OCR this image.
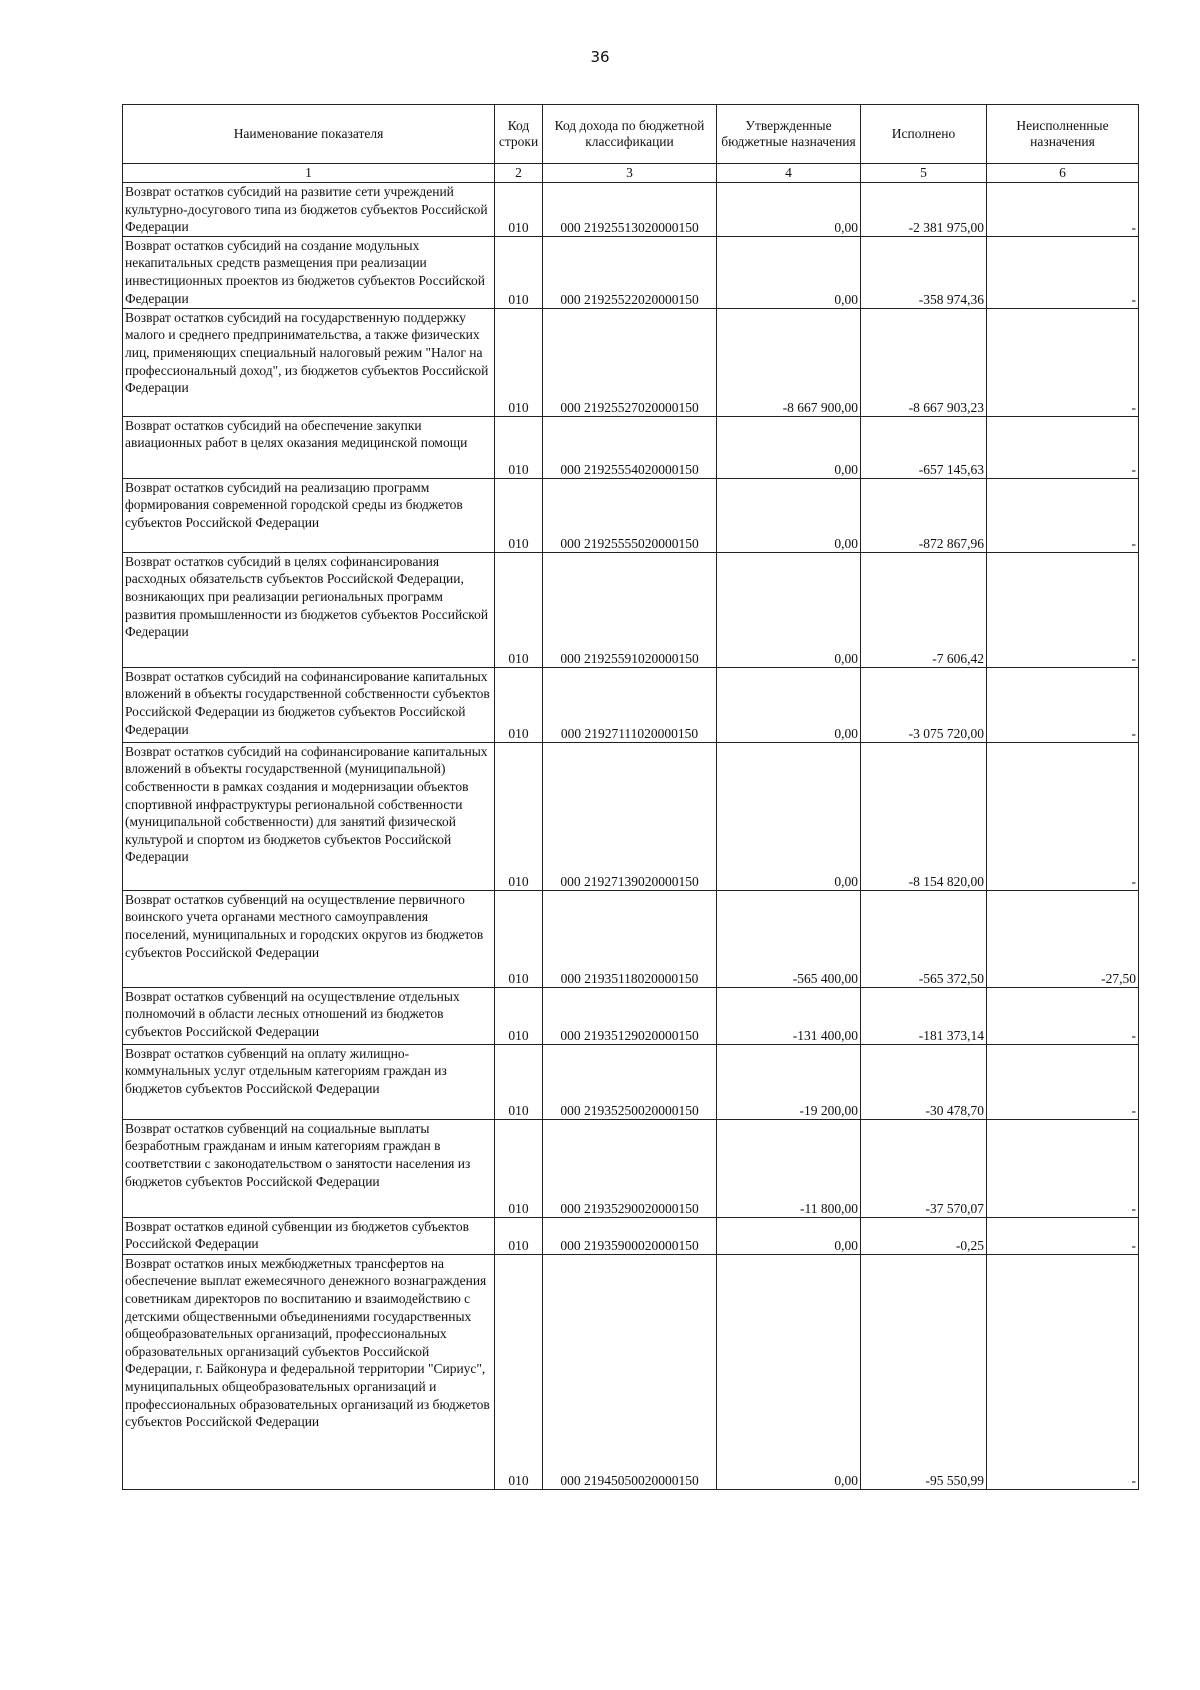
36
Наименование показателя	Код строки	Код дохода по бюджетной классификации	Утвержденные бюджетные назначения	Исполнено	Неисполненные назначения
1	2	3	4	5	6
Возврат остатков субсидий на развитие сети учреждений культурно-досугового типа из бюджетов субъектов Российской Федерации	010	000 21925513020000150	0,00	-2 381 975,00	-
Возврат остатков субсидий на создание модульных некапитальных средств размещения при реализации инвестиционных проектов из бюджетов субъектов Российской Федерации	010	000 21925522020000150	0,00	-358 974,36	-
Возврат остатков субсидий на государственную поддержку малого и среднего предпринимательства, а также физических лиц, применяющих специальный налоговый режим "Налог на профессиональный доход", из бюджетов субъектов Российской Федерации	010	000 21925527020000150	-8 667 900,00	-8 667 903,23	-
Возврат остатков субсидий на обеспечение закупки авиационных работ в целях оказания медицинской помощи	010	000 21925554020000150	0,00	-657 145,63	-
Возврат остатков субсидий на реализацию программ формирования современной городской среды из бюджетов субъектов Российской Федерации	010	000 21925555020000150	0,00	-872 867,96	-
Возврат остатков субсидий в целях софинансирования расходных обязательств субъектов Российской Федерации, возникающих при реализации региональных программ развития промышленности из бюджетов субъектов Российской Федерации	010	000 21925591020000150	0,00	-7 606,42	-
Возврат остатков субсидий на софинансирование капитальных вложений в объекты государственной собственности субъектов Российской Федерации из бюджетов субъектов Российской Федерации	010	000 21927111020000150	0,00	-3 075 720,00	-
Возврат остатков субсидий на софинансирование капитальных вложений в объекты государственной (муниципальной) собственности в рамках создания и модернизации объектов спортивной инфраструктуры региональной собственности (муниципальной собственности) для занятий физической культурой и спортом из бюджетов субъектов Российской Федерации	010	000 21927139020000150	0,00	-8 154 820,00	-
Возврат остатков субвенций на осуществление первичного воинского учета органами местного самоуправления поселений, муниципальных и городских округов из бюджетов субъектов Российской Федерации	010	000 21935118020000150	-565 400,00	-565 372,50	-27,50
Возврат остатков субвенций на осуществление отдельных полномочий в области лесных отношений из бюджетов субъектов Российской Федерации	010	000 21935129020000150	-131 400,00	-181 373,14	-
Возврат остатков субвенций на оплату жилищно-коммунальных услуг отдельным категориям граждан из бюджетов субъектов Российской Федерации	010	000 21935250020000150	-19 200,00	-30 478,70	-
Возврат остатков субвенций на социальные выплаты безработным гражданам и иным категориям граждан в соответствии с законодательством о занятости населения из бюджетов субъектов Российской Федерации	010	000 21935290020000150	-11 800,00	-37 570,07	-
Возврат остатков единой субвенции из бюджетов субъектов Российской Федерации	010	000 21935900020000150	0,00	-0,25	-
Возврат остатков иных межбюджетных трансфертов на обеспечение выплат ежемесячного денежного вознаграждения советникам директоров по воспитанию и взаимодействию с детскими общественными объединениями государственных общеобразовательных организаций, профессиональных образовательных организаций субъектов Российской Федерации, г. Байконура и федеральной территории "Сириус", муниципальных общеобразовательных организаций и профессиональных образовательных организаций из бюджетов субъектов Российской Федерации	010	000 21945050020000150	0,00	-95 550,99	-
